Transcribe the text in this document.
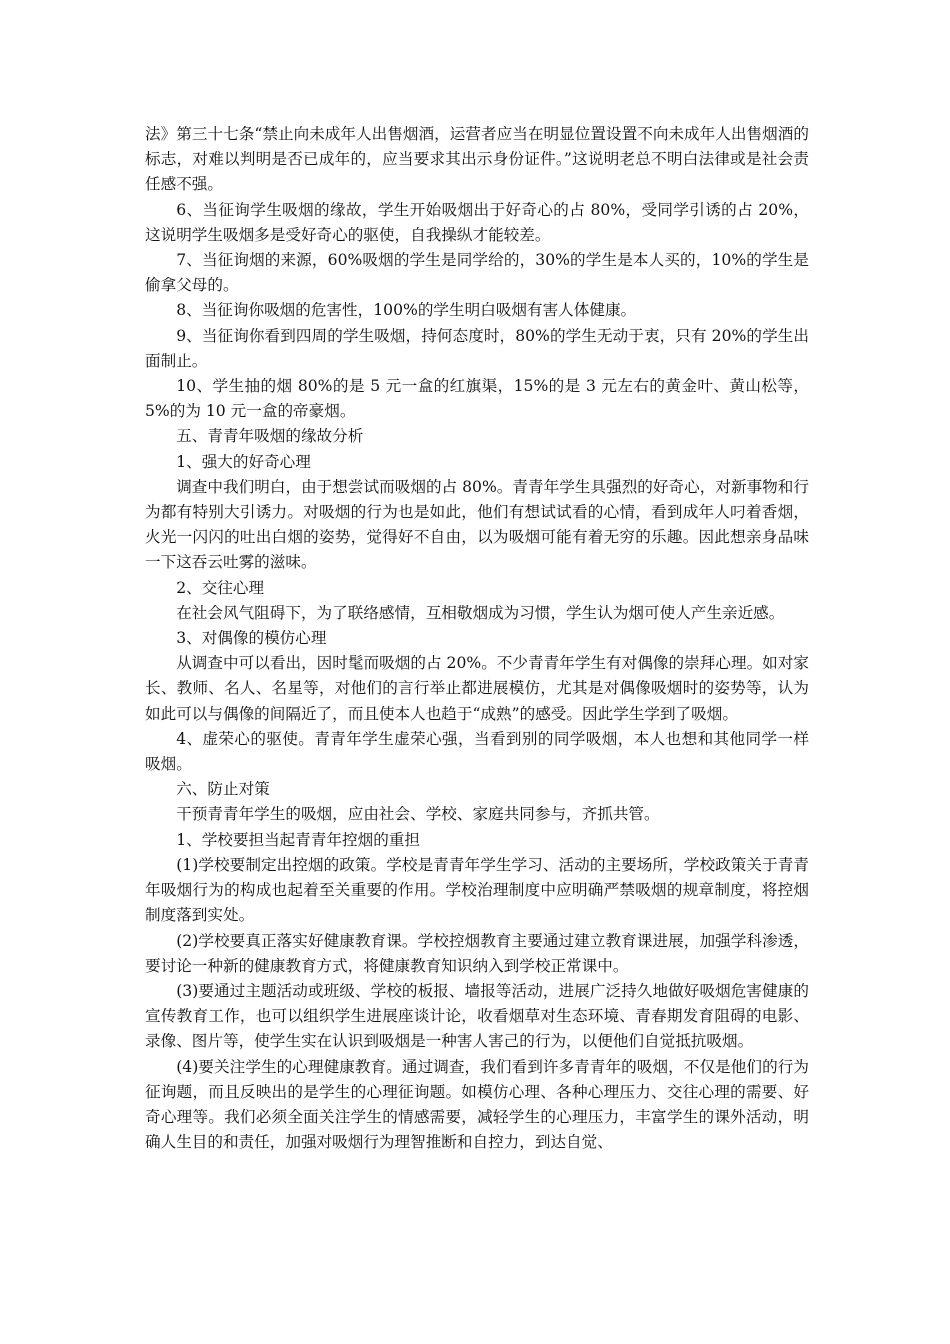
法》第三十七条“禁止向未成年人出售烟酒，运营者应当在明显位置设置不向未成年人出售烟酒的标志，对难以判明是否已成年的，应当要求其出示身份证件。”这说明老总不明白法律或是社会责任感不强。

6、当征询学生吸烟的缘故，学生开始吸烟出于好奇心的占 80%，受同学引诱的占 20%，这说明学生吸烟多是受好奇心的驱使，自我操纵才能较差。

7、当征询烟的来源，60%吸烟的学生是同学给的，30%的学生是本人买的，10%的学生是偷拿父母的。

8、当征询你吸烟的危害性，100%的学生明白吸烟有害人体健康。

9、当征询你看到四周的学生吸烟，持何态度时，80%的学生无动于衷，只有 20%的学生出面制止。

10、学生抽的烟 80%的是 5 元一盒的红旗渠，15%的是 3 元左右的黄金叶、黄山松等，5%的为 10 元一盒的帝豪烟。

五、青青年吸烟的缘故分析

1、强大的好奇心理

调查中我们明白，由于想尝试而吸烟的占 80%。青青年学生具强烈的好奇心，对新事物和行为都有特别大引诱力。对吸烟的行为也是如此，他们有想试试看的心情，看到成年人叼着香烟，火光一闪闪的吐出白烟的姿势，觉得好不自由，以为吸烟可能有着无穷的乐趣。因此想亲身品味一下这吞云吐雾的滋味。

2、交往心理

在社会风气阻碍下，为了联络感情，互相敬烟成为习惯，学生认为烟可使人产生亲近感。

3、对偶像的模仿心理

从调查中可以看出，因时髦而吸烟的占 20%。不少青青年学生有对偶像的崇拜心理。如对家长、教师、名人、名星等，对他们的言行举止都进展模仿，尤其是对偶像吸烟时的姿势等，认为如此可以与偶像的间隔近了，而且使本人也趋于“成熟”的感受。因此学生学到了吸烟。

4、虚荣心的驱使。青青年学生虚荣心强，当看到别的同学吸烟，本人也想和其他同学一样吸烟。

六、防止对策

干预青青年学生的吸烟，应由社会、学校、家庭共同参与，齐抓共管。

1、学校要担当起青青年控烟的重担

(1)学校要制定出控烟的政策。学校是青青年学生学习、活动的主要场所，学校政策关于青青年吸烟行为的构成也起着至关重要的作用。学校治理制度中应明确严禁吸烟的规章制度，将控烟制度落到实处。

(2)学校要真正落实好健康教育课。学校控烟教育主要通过建立教育课进展，加强学科渗透，要讨论一种新的健康教育方式，将健康教育知识纳入到学校正常课中。

(3)要通过主题活动或班级、学校的板报、墙报等活动，进展广泛持久地做好吸烟危害健康的宣传教育工作，也可以组织学生进展座谈计论，收看烟草对生态环境、青春期发育阻碍的电影、录像、图片等，使学生实在认识到吸烟是一种害人害己的行为，以便他们自觉抵抗吸烟。

(4)要关注学生的心理健康教育。通过调查，我们看到许多青青年的吸烟，不仅是他们的行为征询题，而且反映出的是学生的心理征询题。如模仿心理、各种心理压力、交往心理的需要、好奇心理等。我们必须全面关注学生的情感需要，减轻学生的心理压力，丰富学生的课外活动，明确人生目的和责任，加强对吸烟行为理智推断和自控力，到达自觉、
